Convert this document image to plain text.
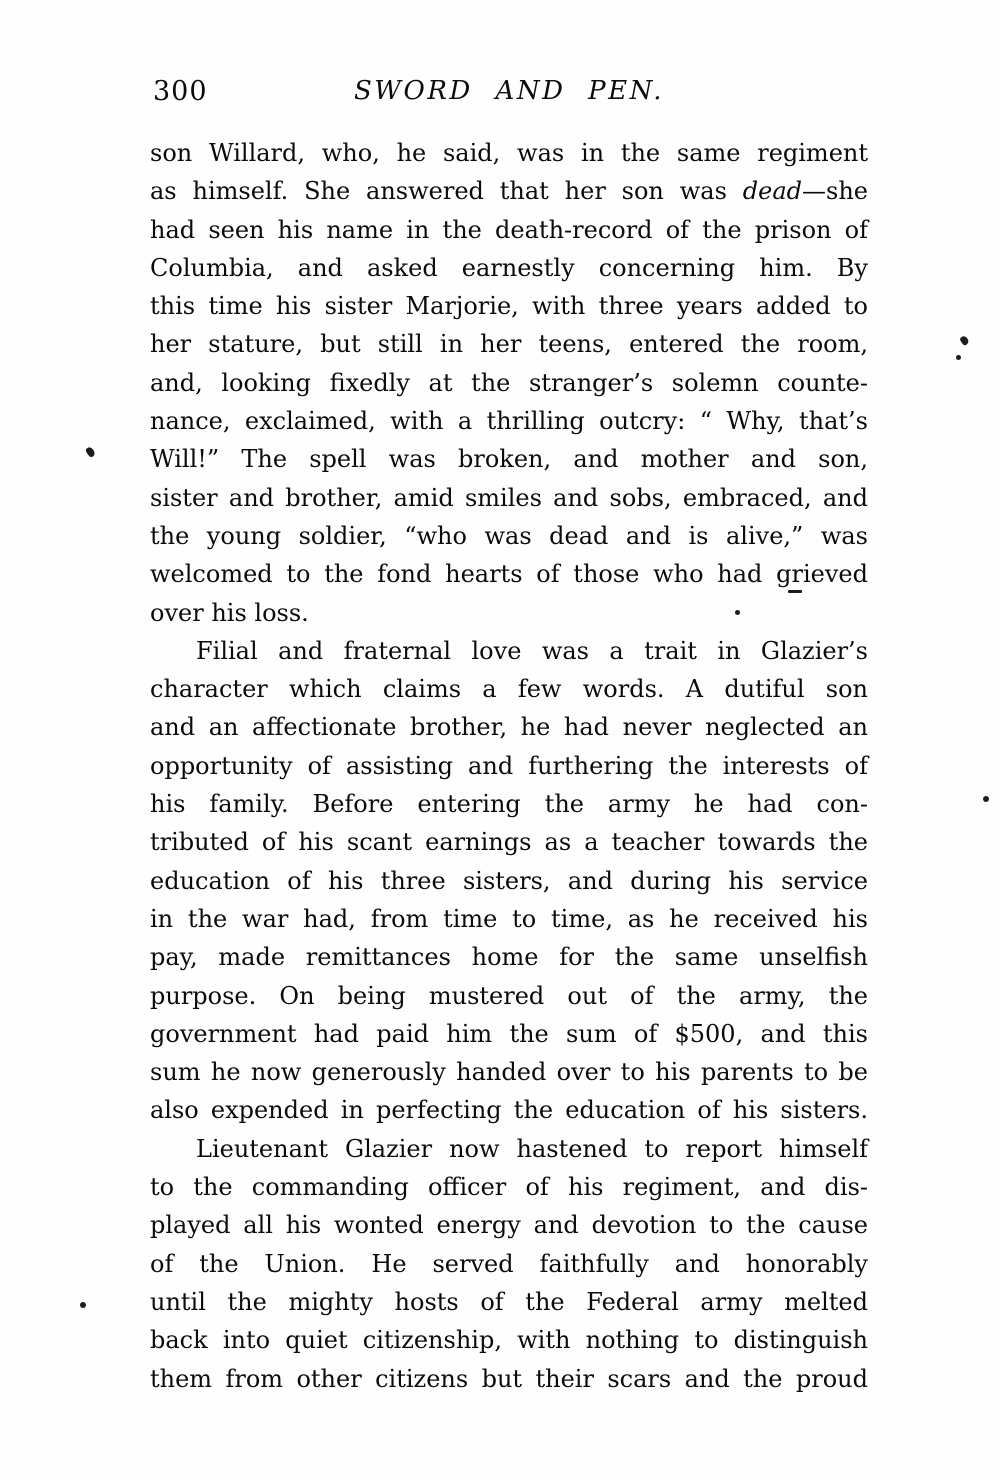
300	SWORD AND PEN.
son Willard, who, he said, was in the same regiment
as himself. She answered that her son was dead—she
had seen his name in the death-record of the prison of
Columbia, and asked earnestly concerning him. By
this time his sister Marjorie, with three years added to
her stature, but still in her teens, entered the room,
and, looking fixedly at the stranger’s solemn counte-
nance, exclaimed, with a thrilling outcry: “ Why, that’s
Will!” The spell was broken, and mother and son,
sister and brother, amid smiles and sobs, embraced, and
the young soldier, “who was dead and is alive,” was
welcomed to the fond hearts of those who had grieved
over his loss.
Filial and fraternal love was a trait in Glazier’s
character which claims a few words. A dutiful son
and an affectionate brother, he had never neglected an
opportunity of assisting and furthering the interests of
his family. Before entering the army he had con-
tributed of his scant earnings as a teacher towards the
education of his three sisters, and during his service
in the war had, from time to time, as he received his
pay, made remittances home for the same unselfish
purpose. On being mustered out of the army, the
government had paid him the sum of $500, and this
sum he now generously handed over to his parents to be
also expended in perfecting the education of his sisters.
Lieutenant Glazier now hastened to report himself
to the commanding officer of his regiment, and dis-
played all his wonted energy and devotion to the cause
of the Union. He served faithfully and honorably
until the mighty hosts of the Federal army melted
back into quiet citizenship, with nothing to distinguish
them from other citizens but their scars and the proud
